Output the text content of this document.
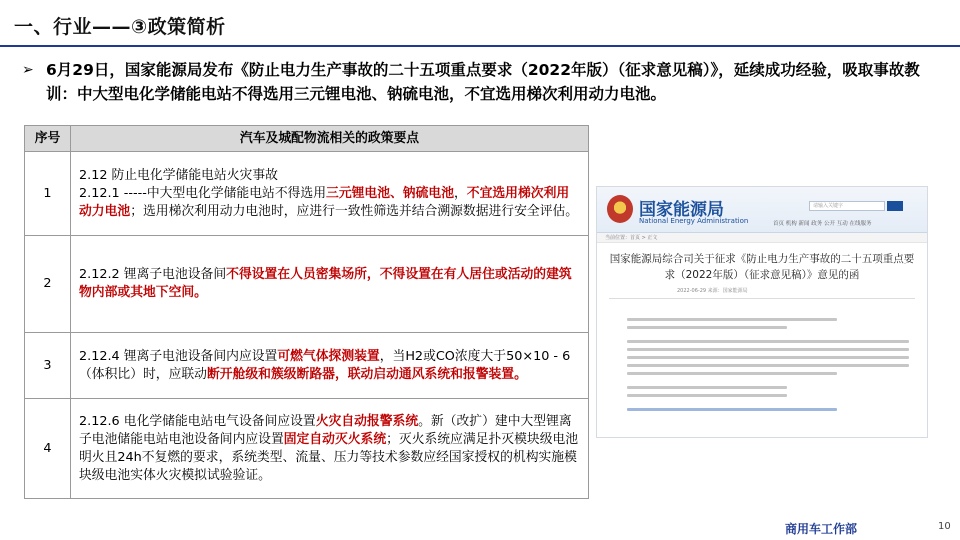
一、行业——③政策简析
➢ 6月29日，国家能源局发布《防止电力生产事故的二十五项重点要求（2022年版）（征求意见稿）》，延续成功经验，吸取事故教训：中大型电化学储能电站不得选用三元锂电池、钠硫电池，不宜选用梯次利用动力电池。
序号	汽车及城配物流相关的政策要点
1	2.12 防止电化学储能电站火灾事故
2.12.1 -----中大型电化学储能电站不得选用三元锂电池、钠硫电池，不宜选用梯次利用动力电池；选用梯次利用动力电池时，应进行一致性筛选并结合溯源数据进行安全评估。
2	2.12.2 锂离子电池设备间不得设置在人员密集场所，不得设置在有人居住或活动的建筑物内部或其地下空间。
3	2.12.4 锂离子电池设备间内应设置可燃气体探测装置，当H2或CO浓度大于50×10 - 6（体积比）时，应联动断开舱级和簇级断路器，联动启动通风系统和报警装置。
4	2.12.6 电化学储能电站电气设备间应设置火灾自动报警系统。新（改扩）建中大型锂离子电池储能电站电池设备间内应设置固定自动灭火系统；灭火系统应满足扑灭模块级电池明火且24h不复燃的要求，系统类型、流量、压力等技术参数应经国家授权的机构实施模块级电池实体火灾模拟试验验证。
国家能源局
National Energy Administration
请输入关键字
首页 机构 新闻 政务 公开 互动 在线服务
当前位置：首页 > 正文
国家能源局综合司关于征求《防止电力生产事故的二十五项重点要求（2022年版）（征求意见稿）》意见的函
2022-06-29 来源：国家能源局
商用车工作部	10
